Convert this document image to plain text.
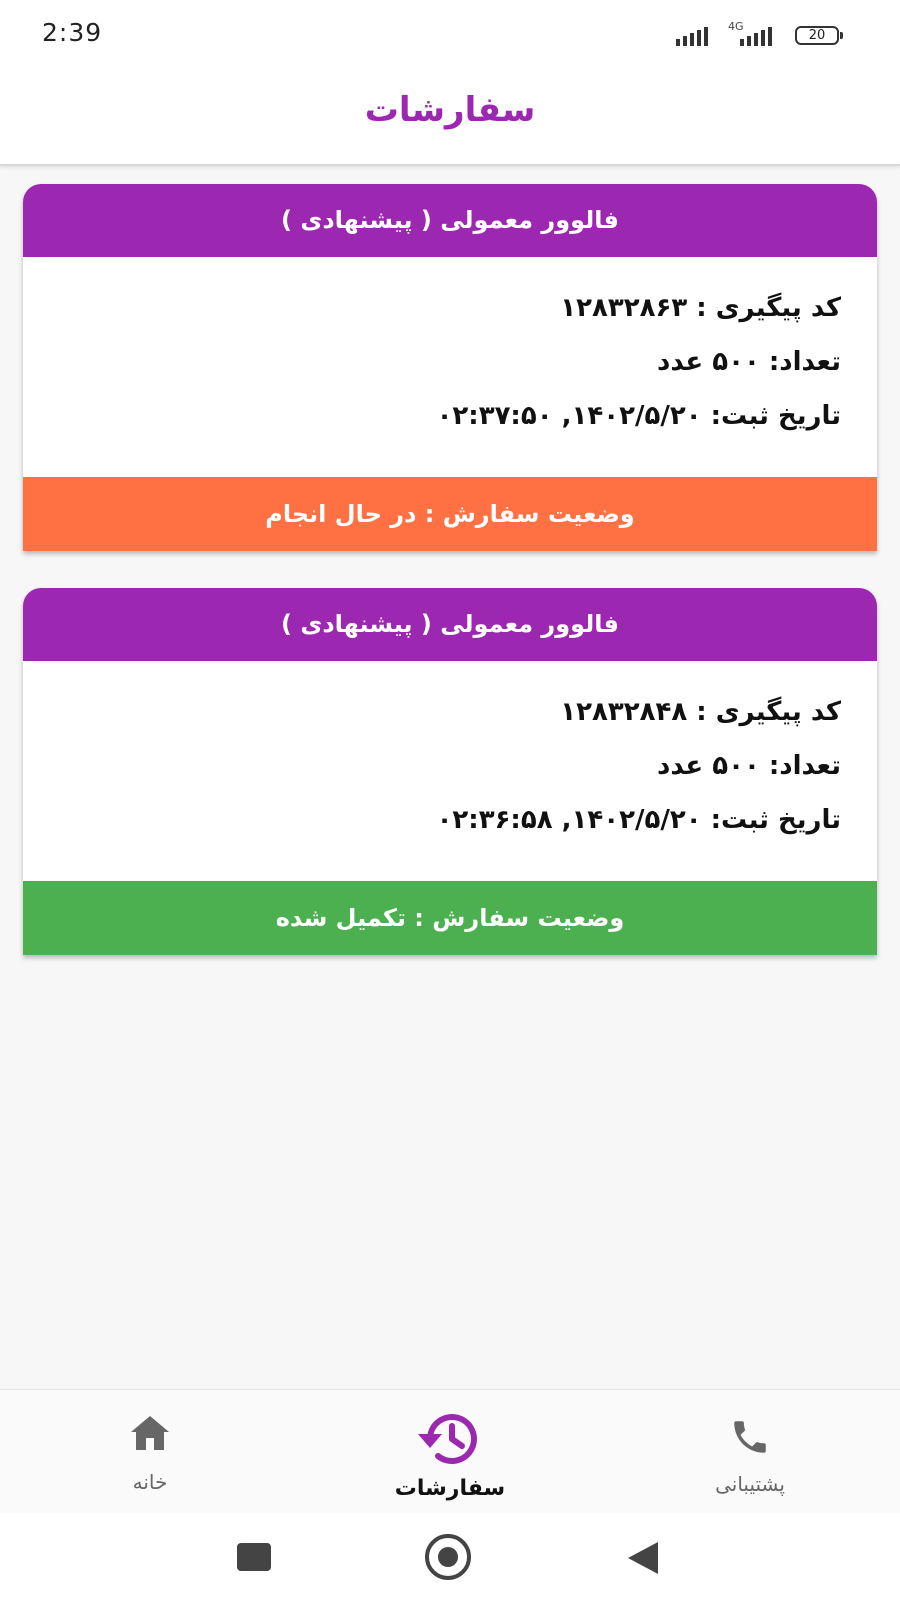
2:39	4G
20
سفارشات
فالوور معمولی ( پیشنهادی )
کد پیگیری : ۱۲۸۳۲۸۶۳
تعداد: ۵۰۰ عدد
تاریخ ثبت: ۱۴۰۲/۵/۲۰, ۰۲:۳۷:۵۰
وضعیت سفارش : در حال انجام
فالوور معمولی ( پیشنهادی )
کد پیگیری : ۱۲۸۳۲۸۴۸
تعداد: ۵۰۰ عدد
تاریخ ثبت: ۱۴۰۲/۵/۲۰, ۰۲:۳۶:۵۸
وضعیت سفارش : تکمیل شده
خانه	سفارشات	پشتیبانی
